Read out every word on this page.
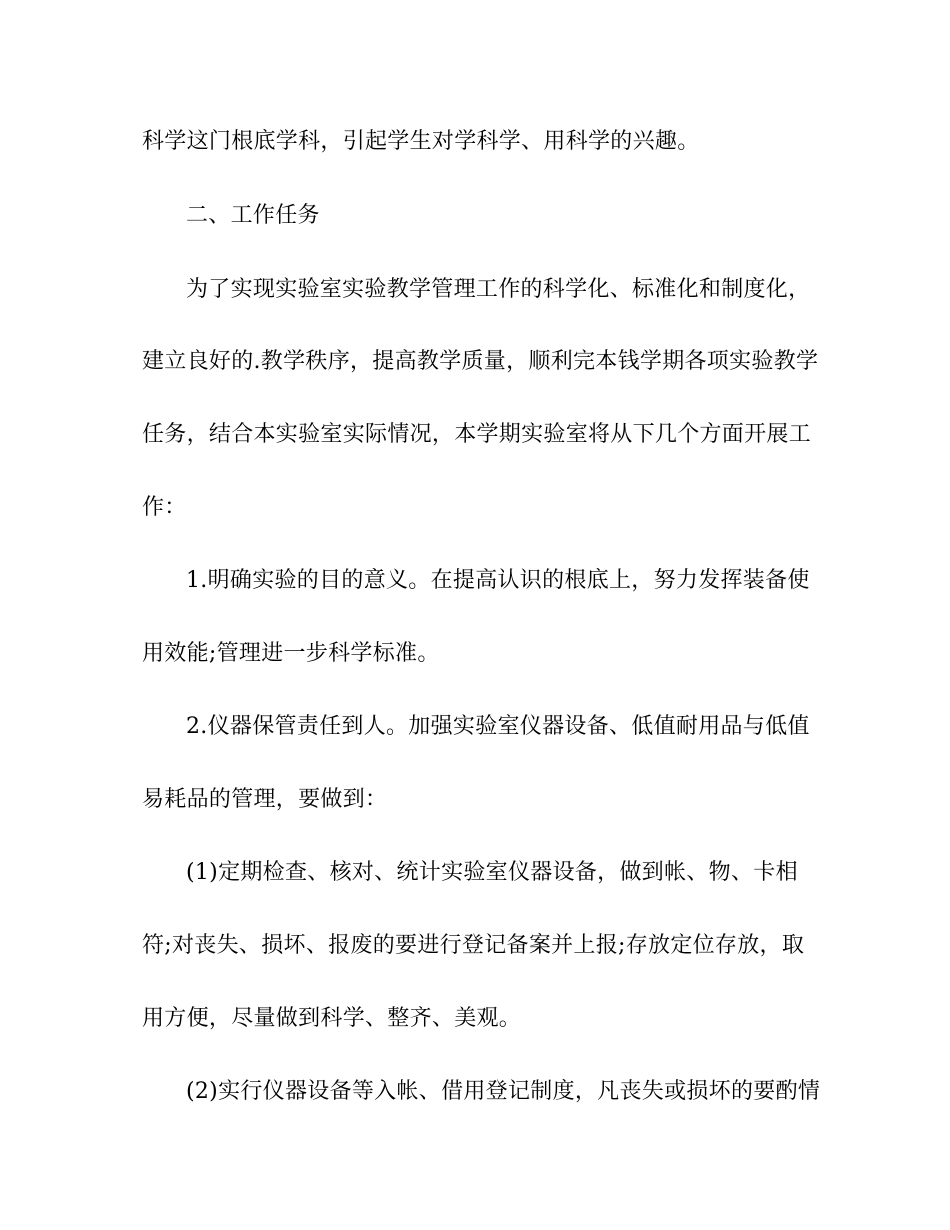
科学这门根底学科，引起学生对学科学、用科学的兴趣。
二、工作任务
为了实现实验室实验教学管理工作的科学化、标准化和制度化，
建立良好的.教学秩序，提高教学质量，顺利完本钱学期各项实验教学
任务，结合本实验室实际情况，本学期实验室将从下几个方面开展工
作：
1.明确实验的目的意义。在提高认识的根底上，努力发挥装备使
用效能;管理进一步科学标准。
2.仪器保管责任到人。加强实验室仪器设备、低值耐用品与低值
易耗品的管理，要做到：
(1)定期检查、核对、统计实验室仪器设备，做到帐、物、卡相
符;对丧失、损坏、报废的要进行登记备案并上报;存放定位存放，取
用方便，尽量做到科学、整齐、美观。
(2)实行仪器设备等入帐、借用登记制度，凡丧失或损坏的要酌情
